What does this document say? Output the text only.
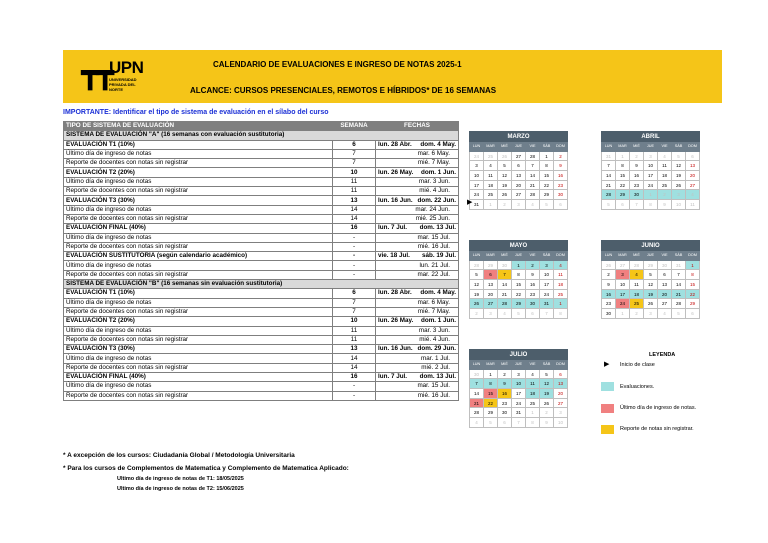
┳┳
UPN
UNIVERSIDAD PRIVADA DEL NORTE
CALENDARIO DE EVALUACIONES E INGRESO DE NOTAS 2025-1
ALCANCE: CURSOS PRESENCIALES, REMOTOS E HÍBRIDOS* DE 16 SEMANAS
IMPORTANTE: Identificar el tipo de sistema de evaluación en el sílabo del curso
TIPO DE SISTEMA DE EVALUACIÓN	SEMANA	FECHAS
SISTEMA DE EVALUACIÓN "A" (16 semanas con evaluación sustitutoria)		
EVALUACIÓN T1 (10%)	6	lun. 28 Abr. dom. 4 May.

Último día de ingreso de notas	7	mar. 6 May.

Reporte de docentes con notas sin registrar	7	mié. 7 May.

EVALUACIÓN T2 (20%)	10	lun. 26 May. dom. 1 Jun.

Último día de ingreso de notas	11	mar. 3 Jun.

Reporte de docentes con notas sin registrar	11	mié. 4 Jun.

EVALUACIÓN T3 (30%)	13	lun. 16 Jun. dom. 22 Jun.

Último día de ingreso de notas	14	mar. 24 Jun.

Reporte de docentes con notas sin registrar	14	mié. 25 Jun.

EVALUACIÓN FINAL (40%)	16	lun. 7 Jul. dom. 13 Jul.

Último día de ingreso de notas	-	mar. 15 Jul.

Reporte de docentes con notas sin registrar	-	mié. 16 Jul.

EVALUACIÓN SUSTITUTORIA (según calendario académico)	-	vie. 18 Jul. sáb. 19 Jul.

Último día de ingreso de notas	-	lun. 21 Jul.

Reporte de docentes con notas sin registrar	-	mar. 22 Jul.

SISTEMA DE EVALUACIÓN "B" (16 semanas sin evaluación sustitutoria)		
EVALUACIÓN T1 (10%)	6	lun. 28 Abr. dom. 4 May.

Último día de ingreso de notas	7	mar. 6 May.

Reporte de docentes con notas sin registrar	7	mié. 7 May.

EVALUACIÓN T2 (20%)	10	lun. 26 May. dom. 1 Jun.

Último día de ingreso de notas	11	mar. 3 Jun.

Reporte de docentes con notas sin registrar	11	mié. 4 Jun.

EVALUACIÓN T3 (30%)	13	lun. 16 Jun. dom. 29 Jun.

Último día de ingreso de notas	14	mar. 1 Jul.

Reporte de docentes con notas sin registrar	14	mié. 2 Jul.

EVALUACIÓN FINAL (40%)	16	lun. 7 Jul. dom. 13 Jul.

Último día de ingreso de notas	-	mar. 15 Jul.

Reporte de docentes con notas sin registrar	-	mié. 16 Jul.
* A excepción de los cursos: Ciudadanía Global / Metodología Universitaria
* Para los cursos de Complementos de Matematica y Complemento de Matematica Aplicado:
Ultimo día de ingreso de notas de T1: 18/05/2025
Ultimo día de ingreso de notas de T2: 15/06/2025
MARZO						
LUN	MAR	MIÉ	JUE	VIE	SÁB	DOM
24	25	26	27	28	1	2
3	4	5	6	7	8	9
10	11	12	13	14	15	16
17	18	19	20	21	22	23
24	25	26	27	28	29	30
31	1	2	3	4	5	6
ABRIL						
LUN	MAR	MIÉ	JUE	VIE	SÁB	DOM
31	1	2	3	4	5	6
7	8	9	10	11	12	13
14	15	16	17	18	19	20
21	22	23	24	25	26	27
28	29	30	1	2	3	4
5	6	7	8	9	10	11
MAYO						
LUN	MAR	MIÉ	JUE	VIE	SÁB	DOM
28	29	30	1	2	3	4
5	6	7	8	9	10	11
12	13	14	15	16	17	18
19	20	21	22	23	24	25
26	27	28	29	30	31	1
2	3	4	5	6	7	8
JUNIO						
LUN	MAR	MIÉ	JUE	VIE	SÁB	DOM
26	27	28	29	30	31	1
2	3	4	5	6	7	8
9	10	11	12	13	14	15
16	17	18	19	20	21	22
23	24	25	26	27	28	29
30	1	2	3	4	5	6
JULIO						
LUN	MAR	MIÉ	JUE	VIE	SÁB	DOM
30	1	2	3	4	5	6
7	8	9	10	11	12	13
14	15	16	17	18	19	20
21	22	23	24	25	26	27
28	29	30	31	1	2	3
4	5	6	7	8	9	10
▶
LEYENDA
▶ Inicio de clase
Evaluaciones.
Último día de ingreso de notas.
Reporte de notas sin registrar.
